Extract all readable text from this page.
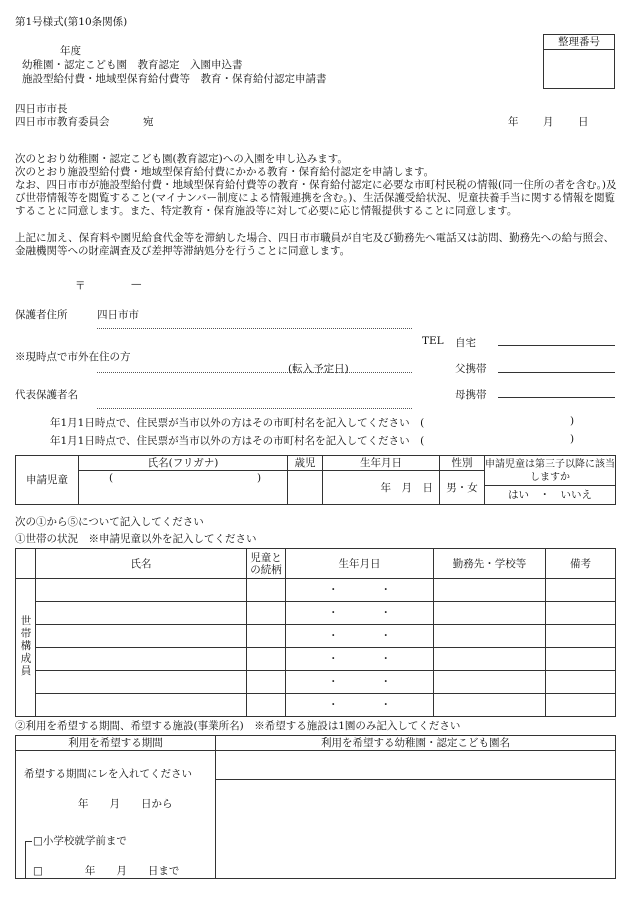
第1号様式(第10条関係)
年度
幼稚園・認定こども園　教育認定　入園申込書
施設型給付費・地域型保育給付費等　教育・保育給付認定申請書
整理番号
四日市市長
四日市市教育委員会	宛	年 月 日
次のとおり幼稚園・認定こども園(教育認定)への入園を申し込みます。
次のとおり施設型給付費・地域型保育給付費にかかる教育・保育給付認定を申請します。
なお、四日市市が施設型給付費・地域型保育給付費等の教育・保育給付認定に必要な市町村民税の情報(同一住所の者を含む。)及び世帯情報等を閲覧すること(マイナンバー制度による情報連携を含む。)、生活保護受給状況、児童扶養手当に関する情報を閲覧することに同意します。また、特定教育・保育施設等に対して必要に応じ情報提供することに同意します。
上記に加え、保育料や園児給食代金等を滞納した場合、四日市市職員が自宅及び勤務先へ電話又は訪問、勤務先への給与照会、金融機関等への財産調査及び差押等滞納処分を行うことに同意します。
〒	—
保護者住所	四日市市
TEL 自宅
※現時点で市外在住の方
(転入予定日)	父携帯
代表保護者名	母携帯
年1月1日時点で、住民票が当市以外の方はその市町村名を記入してください　(	)
年1月1日時点で、住民票が当市以外の方はその市町村名を記入してください　(	)
申請児童	氏名(フリガナ)	歳児	生年月日	性別	申請児童は第三子以降に該当しますか

	( )		年　月　日	男・女	
					はい　・　いいえ
次の①から⑤について記入してください
①世帯の状況　※申請児童以外を記入してください
	氏名	児童との続柄	生年月日	勤務先・学校等	備考
世帯構成員			・　　　　 ・		
			・　　　　 ・		
			・　　　　 ・		
			・　　　　 ・		
			・　　　　 ・		
			・　　　　 ・		
②利用を希望する期間、希望する施設(事業所名)　※希望する施設は1園のみ記入してください
利用を希望する期間	利用を希望する幼稚園・認定こども園名

希望する期間にレを入れてください
年　　月　　日から
□小学校就学前まで
□　　　　年　　月　　日まで	
